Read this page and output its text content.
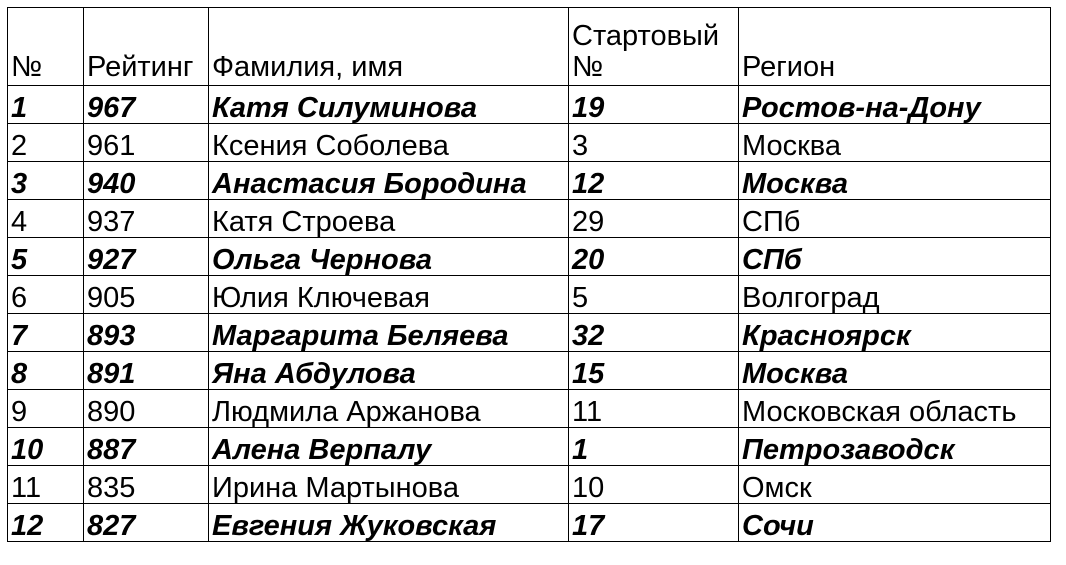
№	Рейтинг	Фамилия, имя	Стартовый №	Регион
1	967	Катя Силуминова	19	Ростов-на-Дону
2	961	Ксения Соболева	3	Москва
3	940	Анастасия Бородина	12	Москва
4	937	Катя Строева	29	СПб
5	927	Ольга Чернова	20	СПб
6	905	Юлия Ключевая	5	Волгоград
7	893	Маргарита Беляева	32	Красноярск
8	891	Яна Абдулова	15	Москва
9	890	Людмила Аржанова	11	Московская область
10	887	Алена Верпалу	1	Петрозаводск
11	835	Ирина Мартынова	10	Омск
12	827	Евгения Жуковская	17	Сочи
